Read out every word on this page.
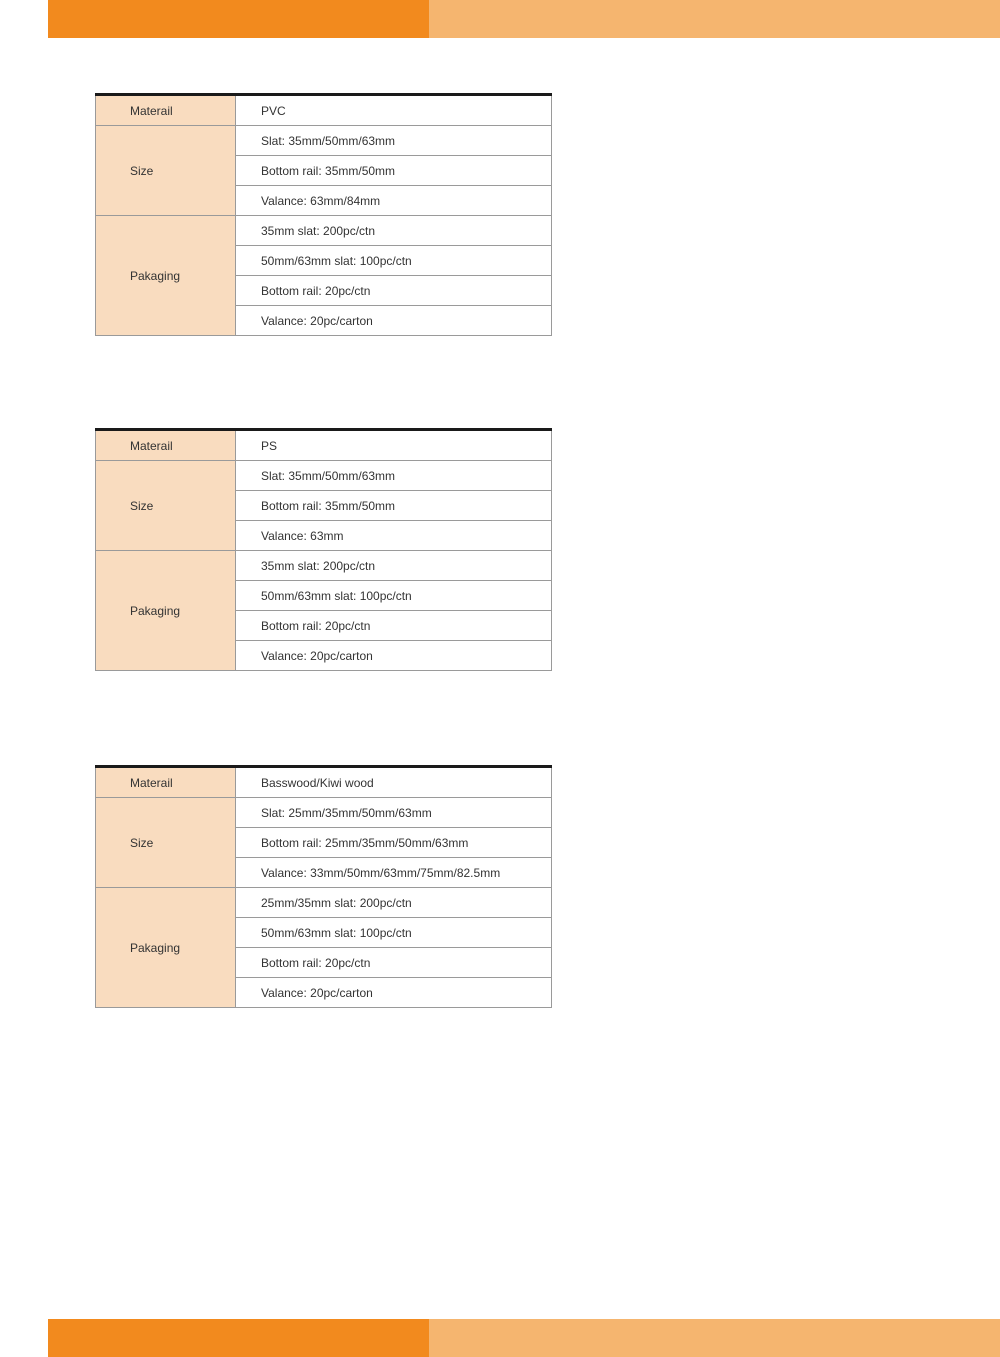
Materail	PVC
Size	Slat: 35mm/50mm/63mm
	Bottom rail: 35mm/50mm
	Valance: 63mm/84mm
Pakaging	35mm slat: 200pc/ctn
	50mm/63mm slat: 100pc/ctn
	Bottom rail: 20pc/ctn
	Valance: 20pc/carton
Materail	PS
Size	Slat: 35mm/50mm/63mm
	Bottom rail: 35mm/50mm
	Valance: 63mm
Pakaging	35mm slat: 200pc/ctn
	50mm/63mm slat: 100pc/ctn
	Bottom rail: 20pc/ctn
	Valance: 20pc/carton
Materail	Basswood/Kiwi wood
Size	Slat: 25mm/35mm/50mm/63mm
	Bottom rail: 25mm/35mm/50mm/63mm
	Valance: 33mm/50mm/63mm/75mm/82.5mm
Pakaging	25mm/35mm slat: 200pc/ctn
	50mm/63mm slat: 100pc/ctn
	Bottom rail: 20pc/ctn
	Valance: 20pc/carton
